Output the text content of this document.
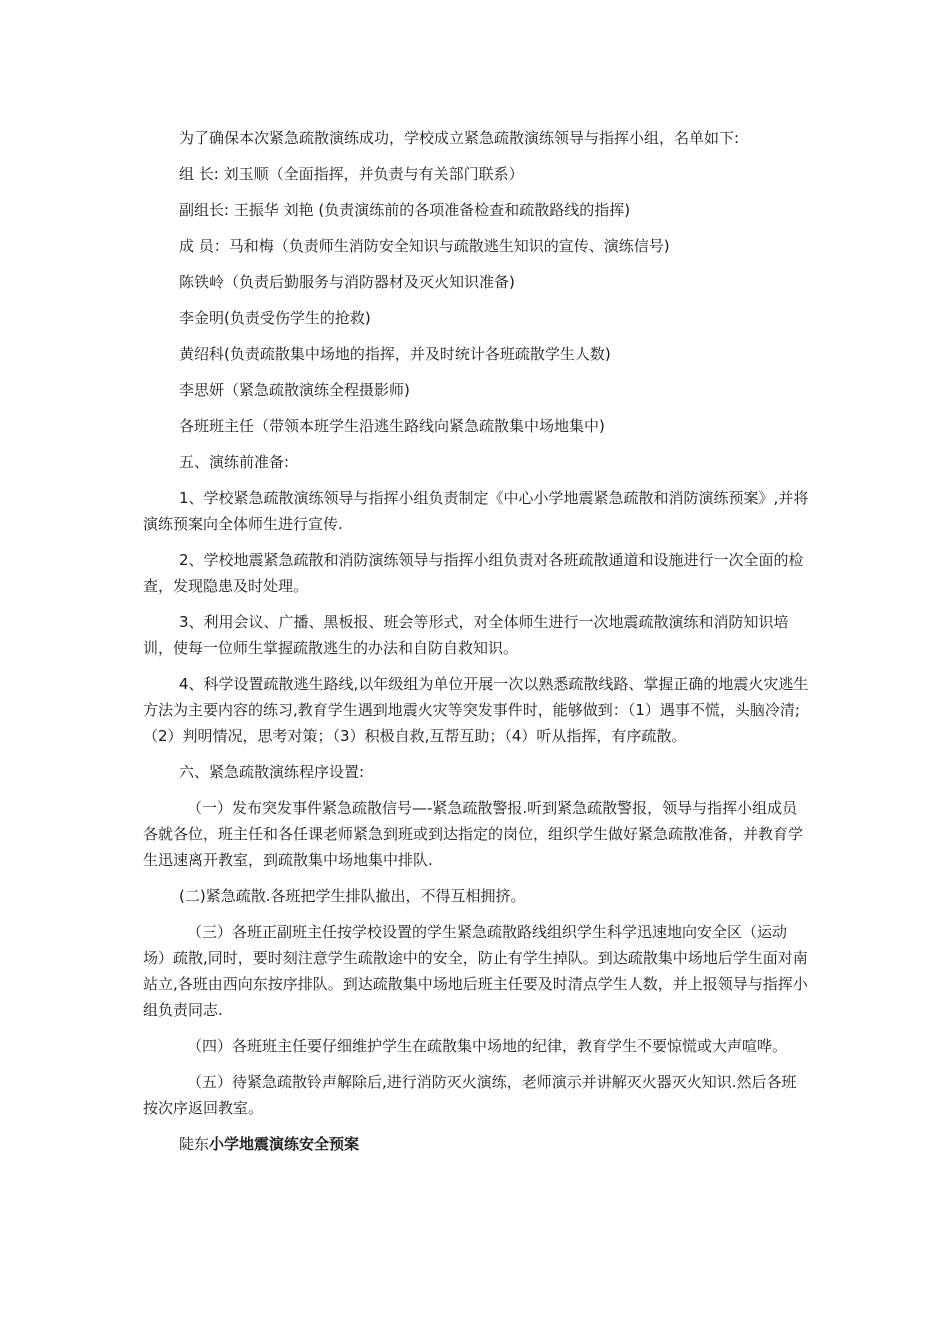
为了确保本次紧急疏散演练成功，学校成立紧急疏散演练领导与指挥小组，名单如下:

组 长: 刘玉顺（全面指挥，并负责与有关部门联系）

副组长: 王振华 刘艳 (负责演练前的各项准备检查和疏散路线的指挥)

成 员：马和梅（负责师生消防安全知识与疏散逃生知识的宣传、演练信号)

陈铁岭（负责后勤服务与消防器材及灭火知识准备)

李金明(负责受伤学生的抢救)

黄绍科(负责疏散集中场地的指挥，并及时统计各班疏散学生人数)

李思妍（紧急疏散演练全程摄影师)

各班班主任（带领本班学生沿逃生路线向紧急疏散集中场地集中)

五、演练前准备:

1、学校紧急疏散演练领导与指挥小组负责制定《中心小学地震紧急疏散和消防演练预案》,并将演练预案向全体师生进行宣传.

2、学校地震紧急疏散和消防演练领导与指挥小组负责对各班疏散通道和设施进行一次全面的检查，发现隐患及时处理。

3、利用会议、广播、黑板报、班会等形式，对全体师生进行一次地震疏散演练和消防知识培训，使每一位师生掌握疏散逃生的办法和自防自救知识。

4、科学设置疏散逃生路线,以年级组为单位开展一次以熟悉疏散线路、掌握正确的地震火灾逃生方法为主要内容的练习,教育学生遇到地震火灾等突发事件时，能够做到：（1）遇事不慌，头脑冷清;（2）判明情况，思考对策；（3）积极自救,互帮互助；（4）听从指挥，有序疏散。

六、紧急疏散演练程序设置:

（一）发布突发事件紧急疏散信号—-紧急疏散警报.听到紧急疏散警报，领导与指挥小组成员各就各位，班主任和各任课老师紧急到班或到达指定的岗位，组织学生做好紧急疏散准备，并教育学生迅速离开教室，到疏散集中场地集中排队.

(二)紧急疏散.各班把学生排队撤出，不得互相拥挤。

（三）各班正副班主任按学校设置的学生紧急疏散路线组织学生科学迅速地向安全区（运动场）疏散,同时，要时刻注意学生疏散途中的安全，防止有学生掉队。到达疏散集中场地后学生面对南站立,各班由西向东按序排队。到达疏散集中场地后班主任要及时清点学生人数，并上报领导与指挥小组负责同志.

（四）各班班主任要仔细维护学生在疏散集中场地的纪律，教育学生不要惊慌或大声喧哗。

（五）待紧急疏散铃声解除后,进行消防灭火演练，老师演示并讲解灭火器灭火知识.然后各班按次序返回教室。

陡东小学地震演练安全预案
